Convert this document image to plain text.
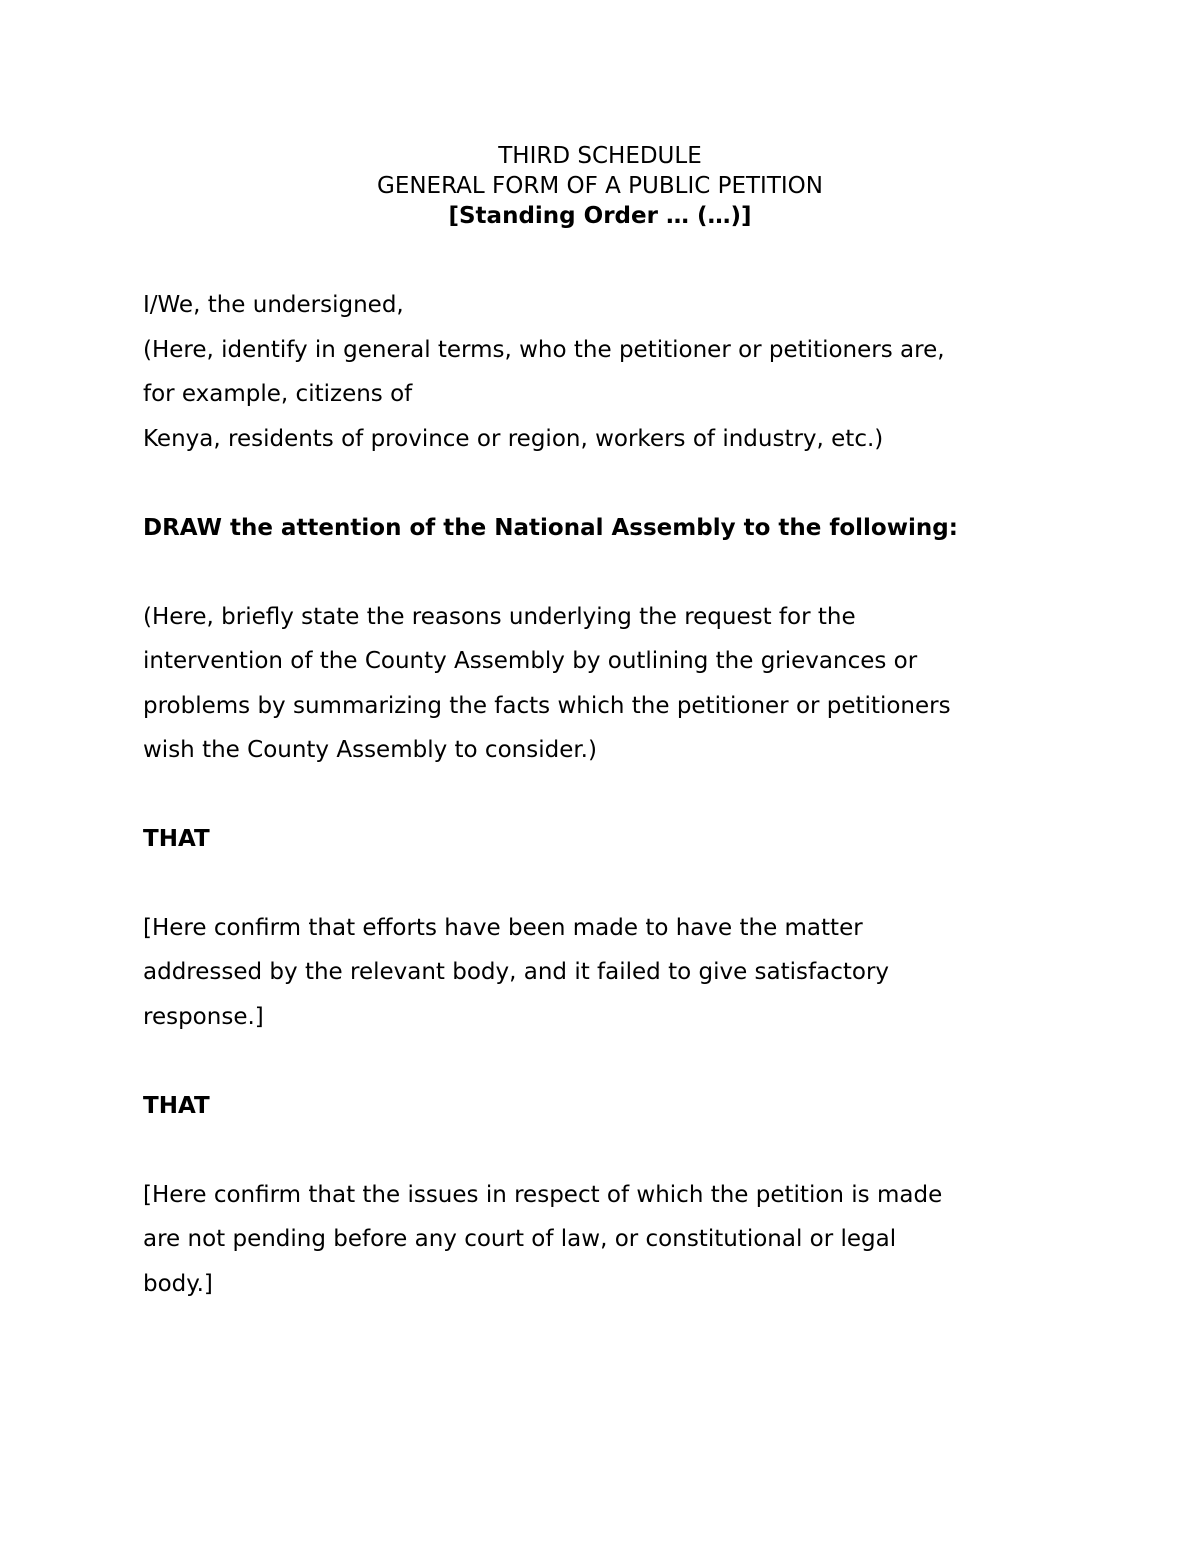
THIRD SCHEDULE
GENERAL FORM OF A PUBLIC PETITION
[Standing Order … (…)]
I/We, the undersigned,
(Here, identify in general terms, who the petitioner or petitioners are,
for example, citizens of
Kenya, residents of province or region, workers of industry, etc.)
DRAW the attention of the National Assembly to the following:
(Here, briefly state the reasons underlying the request for the
intervention of the County Assembly by outlining the grievances or
problems by summarizing the facts which the petitioner or petitioners
wish the County Assembly to consider.)
THAT
[Here confirm that efforts have been made to have the matter
addressed by the relevant body, and it failed to give satisfactory
response.]
THAT
[Here confirm that the issues in respect of which the petition is made
are not pending before any court of law, or constitutional or legal
body.]
